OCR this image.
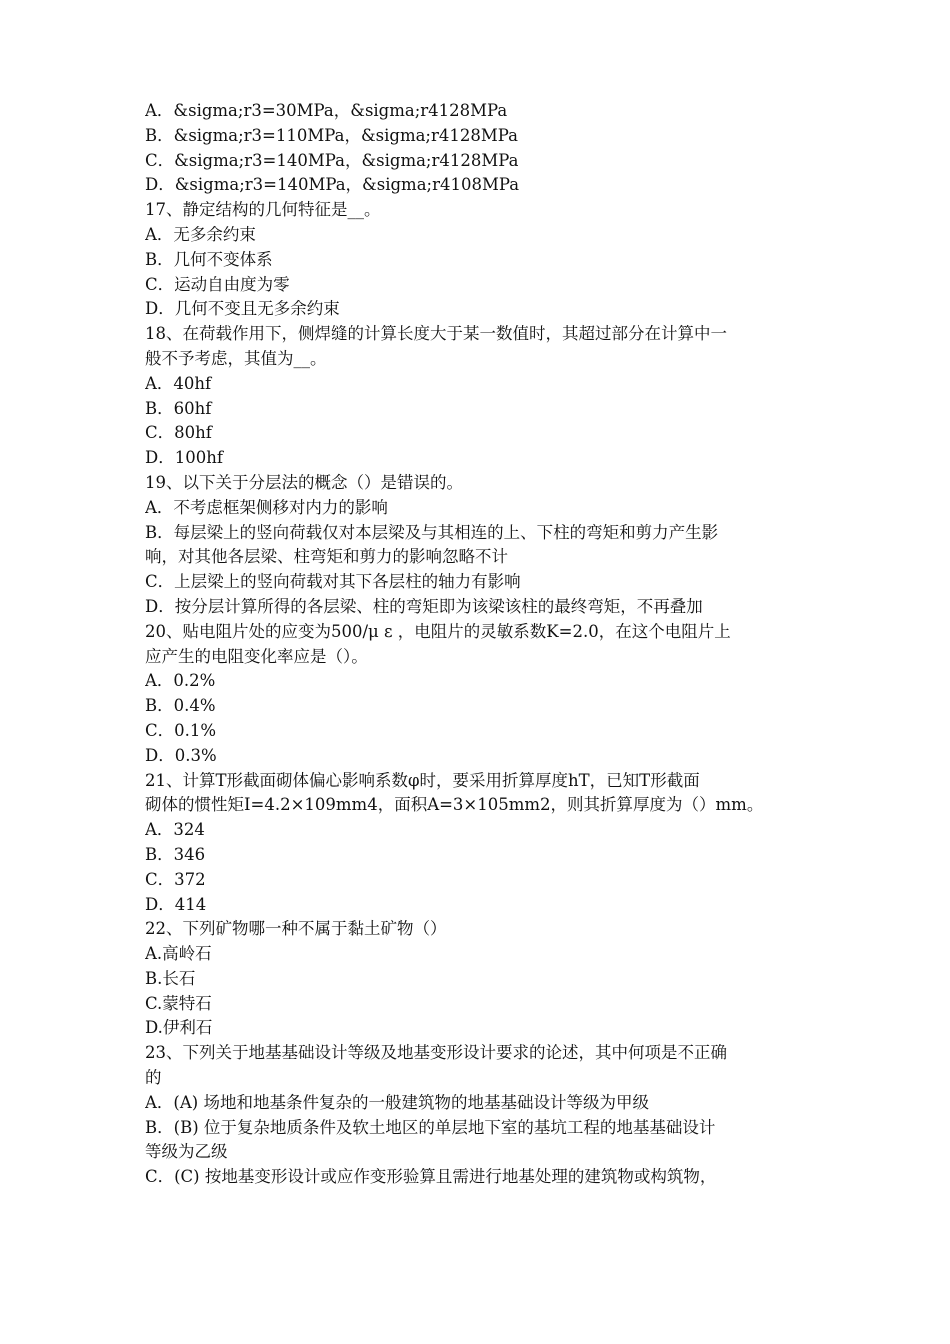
A．&sigma;r3=30MPa，&sigma;r4128MPa
B．&sigma;r3=110MPa，&sigma;r4128MPa
C．&sigma;r3=140MPa，&sigma;r4128MPa
D．&sigma;r3=140MPa，&sigma;r4108MPa
17、静定结构的几何特征是__。
A．无多余约束
B．几何不变体系
C．运动自由度为零
D．几何不变且无多余约束
18、在荷载作用下，侧焊缝的计算长度大于某一数值时，其超过部分在计算中一
般不予考虑，其值为__。
A．40hf
B．60hf
C．80hf
D．100hf
19、以下关于分层法的概念（）是错误的。
A．不考虑框架侧移对内力的影响
B．每层梁上的竖向荷载仅对本层梁及与其相连的上、下柱的弯矩和剪力产生影
响，对其他各层梁、柱弯矩和剪力的影响忽略不计
C．上层梁上的竖向荷载对其下各层柱的轴力有影响
D．按分层计算所得的各层梁、柱的弯矩即为该梁该柱的最终弯矩，不再叠加
20、贴电阻片处的应变为500/μ ε ，电阻片的灵敏系数K=2.0，在这个电阻片上
应产生的电阻变化率应是（）。
A．0.2%
B．0.4%
C．0.1%
D．0.3%
21、计算T形截面砌体偏心影响系数φ时，要采用折算厚度hT，已知T形截面
砌体的惯性矩I=4.2×109mm4，面积A=3×105mm2，则其折算厚度为（）mm。
A．324
B．346
C．372
D．414
22、下列矿物哪一种不属于黏土矿物（）
A.高岭石
B.长石
C.蒙特石
D.伊利石
23、下列关于地基基础设计等级及地基变形设计要求的论述，其中何项是不正确
的
A．(A) 场地和地基条件复杂的一般建筑物的地基基础设计等级为甲级
B．(B) 位于复杂地质条件及软土地区的单层地下室的基坑工程的地基基础设计
等级为乙级
C．(C) 按地基变形设计或应作变形验算且需进行地基处理的建筑物或构筑物，
